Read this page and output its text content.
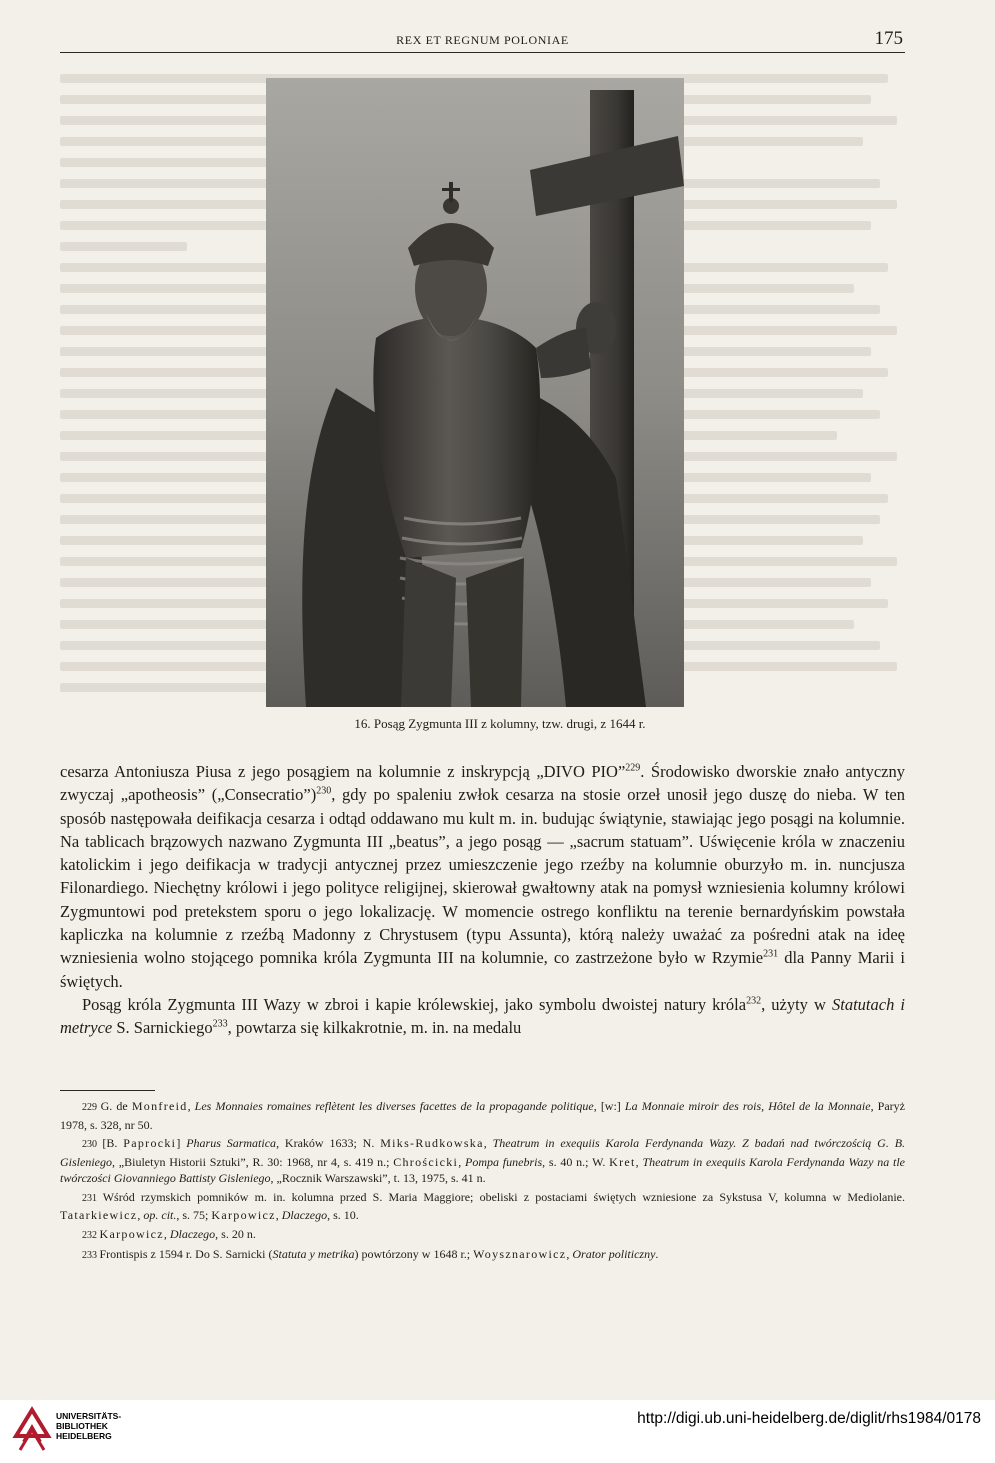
REX ET REGNUM POLONIAE	175
16. Posąg Zygmunta III z kolumny, tzw. drugi, z 1644 r.

cesarza Antoniusza Piusa z jego posągiem na kolumnie z inskrypcją „DIVO PIO”$^{229}$. Środowisko dworskie znało antyczny zwyczaj „apotheosis” („Consecratio”)$^{230}$, gdy po spaleniu zwłok cesarza na stosie orzeł unosił jego duszę do nieba. W ten sposób następowała deifikacja cesarza i odtąd oddawano mu kult m. in. budując świątynie, stawiając jego posągi na kolumnie. Na tablicach brązowych nazwano Zygmunta III „beatus”, a jego posąg — „sacrum statuam”. Uświęcenie króla w znaczeniu katolickim i jego deifikacja w tradycji antycznej przez umieszczenie jego rzeźby na kolumnie oburzyło m. in. nuncjusza Filonardiego. Niechętny królowi i jego polityce religijnej, skierował gwałtowny atak na pomysł wzniesienia kolumny królowi Zygmuntowi pod pretekstem sporu o jego lokalizację. W momencie ostrego konfliktu na terenie bernardyńskim powstała kapliczka na kolumnie z rzeźbą Madonny z Chrystusem (typu Assunta), którą należy uważać za pośredni atak na ideę wzniesienia wolno stojącego pomnika króla Zygmunta III na kolumnie, co zastrzeżone było w Rzymie$^{231}$ dla Panny Marii i świętych.

Posąg króla Zygmunta III Wazy w zbroi i kapie królewskiej, jako symbolu dwoistej natury króla$^{232}$, użyty w Statutach i metryce S. Sarnickiego$^{233}$, powtarza się kilkakrotnie, m. in. na medalu

229 G. de Monfreid, Les Monnaies romaines reflètent les diverses facettes de la propagande politique, [w:] La Monnaie miroir des rois, Hôtel de la Monnaie, Paryż 1978, s. 328, nr 50.

230 [B. Paprocki] Pharus Sarmatica, Kraków 1633; N. Miks-Rudkowska, Theatrum in exequiis Karola Ferdynanda Wazy. Z badań nad twórczością G. B. Gisleniego, „Biuletyn Historii Sztuki”, R. 30: 1968, nr 4, s. 419 n.; Chrościcki, Pompa funebris, s. 40 n.; W. Kret, Theatrum in exequiis Karola Ferdynanda Wazy na tle twórczości Giovanniego Battisty Gisleniego, „Rocznik Warszawski”, t. 13, 1975, s. 41 n.

231 Wśród rzymskich pomników m. in. kolumna przed S. Maria Maggiore; obeliski z postaciami świętych wzniesione za Sykstusa V, kolumna w Mediolanie. Tatarkiewicz, op. cit., s. 75; Karpowicz, Dlaczego, s. 10.

232 Karpowicz, Dlaczego, s. 20 n.

233 Frontispis z 1594 r. Do S. Sarnicki (Statuta y metrika) powtórzony w 1648 r.; Woysznarowicz, Orator politiczny.

UNIVERSITÄTS-
BIBLIOTHEK
HEIDELBERG
http://digi.ub.uni-heidelberg.de/diglit/rhs1984/0178
